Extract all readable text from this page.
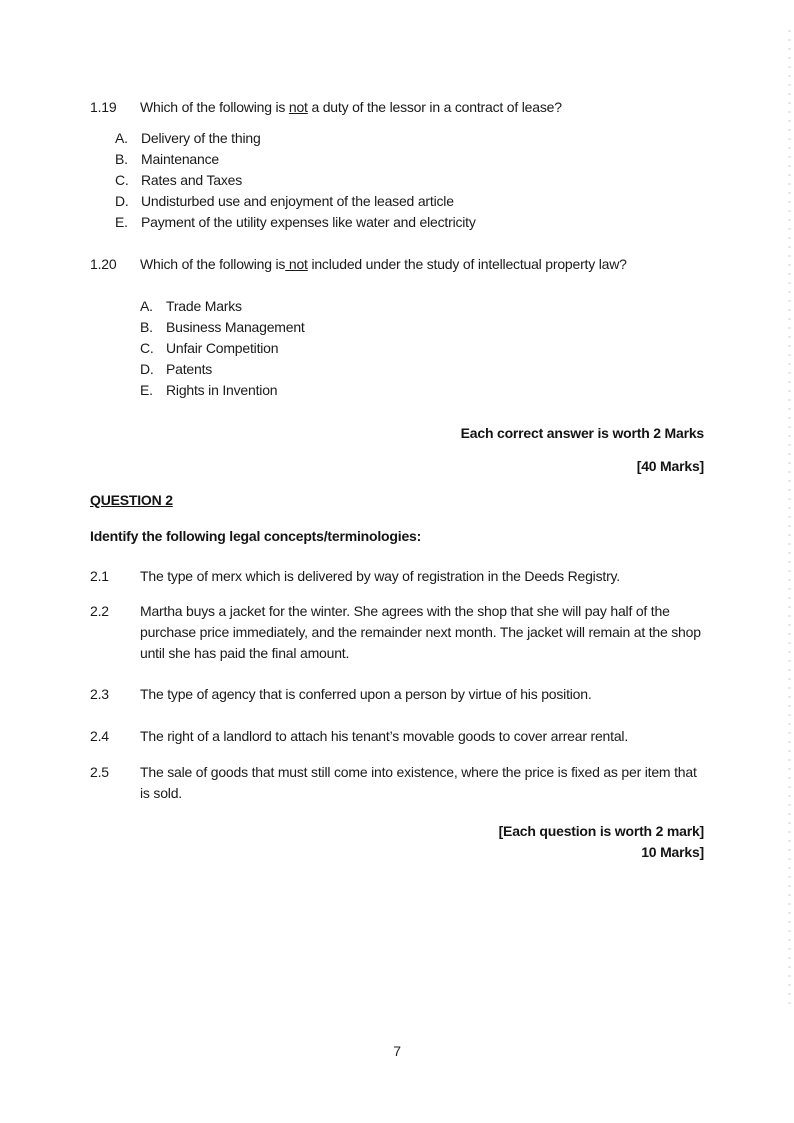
1.19	Which of the following is not a duty of the lessor in a contract of lease?
A. Delivery of the thing
B. Maintenance
C. Rates and Taxes
D. Undisturbed use and enjoyment of the leased article
E. Payment of the utility expenses like water and electricity
1.20	Which of the following is not included under the study of intellectual property law?
A. Trade Marks
B. Business Management
C. Unfair Competition
D. Patents
E. Rights in Invention
Each correct answer is worth 2 Marks
[40 Marks]
QUESTION 2
Identify the following legal concepts/terminologies:
2.1	The type of merx which is delivered by way of registration in the Deeds Registry.
2.2	Martha buys a jacket for the winter. She agrees with the shop that she will pay half of the purchase price immediately, and the remainder next month. The jacket will remain at the shop until she has paid the final amount.
2.3	The type of agency that is conferred upon a person by virtue of his position.
2.4	The right of a landlord to attach his tenant’s movable goods to cover arrear rental.
2.5	The sale of goods that must still come into existence, where the price is fixed as per item that is sold.
[Each question is worth 2 mark]
10 Marks]
7
